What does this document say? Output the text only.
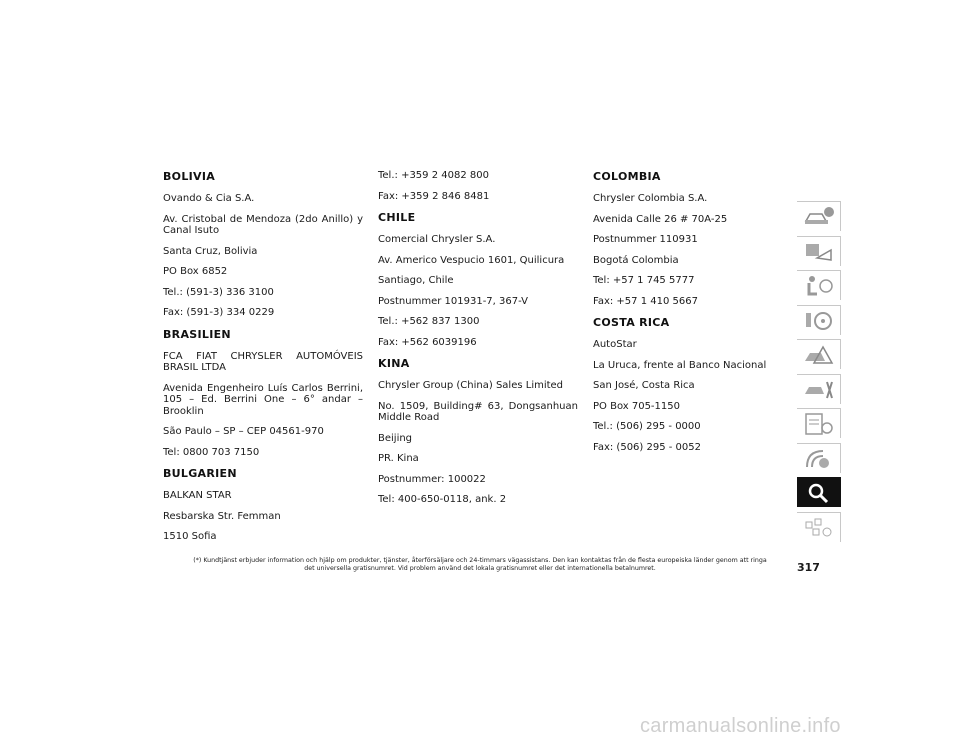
BOLIVIA
Ovando & Cia S.A.
Av. Cristobal de Mendoza (2do Anillo) y Canal Isuto
Santa Cruz, Bolivia
PO Box 6852
Tel.: (591-3) 336 3100
Fax: (591-3) 334 0229
BRASILIEN
FCA FIAT CHRYSLER AUTOMÓVEIS BRASIL LTDA
Avenida Engenheiro Luís Carlos Berrini, 105 – Ed. Berrini One – 6° andar – Brooklin
São Paulo – SP – CEP 04561-970
Tel: 0800 703 7150
BULGARIEN
BALKAN STAR
Resbarska Str. Femman
1510 Sofia
Tel.: +359 2 4082 800
Fax: +359 2 846 8481
CHILE
Comercial Chrysler S.A.
Av. Americo Vespucio 1601, Quilicura
Santiago, Chile
Postnummer 101931-7, 367-V
Tel.: +562 837 1300
Fax: +562 6039196
KINA
Chrysler Group (China) Sales Limited
No. 1509, Building# 63, Dongsanhuan Middle Road
Beijing
PR. Kina
Postnummer: 100022
Tel: 400-650-0118, ank. 2
COLOMBIA
Chrysler Colombia S.A.
Avenida Calle 26 # 70A-25
Postnummer 110931
Bogotá Colombia
Tel: +57 1 745 5777
Fax: +57 1 410 5667
COSTA RICA
AutoStar
La Uruca, frente al Banco Nacional
San José, Costa Rica
PO Box 705-1150
Tel.: (506) 295 - 0000
Fax: (506) 295 - 0052
(*) Kundtjänst erbjuder information och hjälp om produkter, tjänster, återförsäljare och 24-timmars vägassistans. Den kan kontaktas från de flesta europeiska länder genom att ringa det universella gratisnumret. Vid problem använd det lokala gratisnumret eller det internationella betalnumret.	317
carmanualsonline.info
